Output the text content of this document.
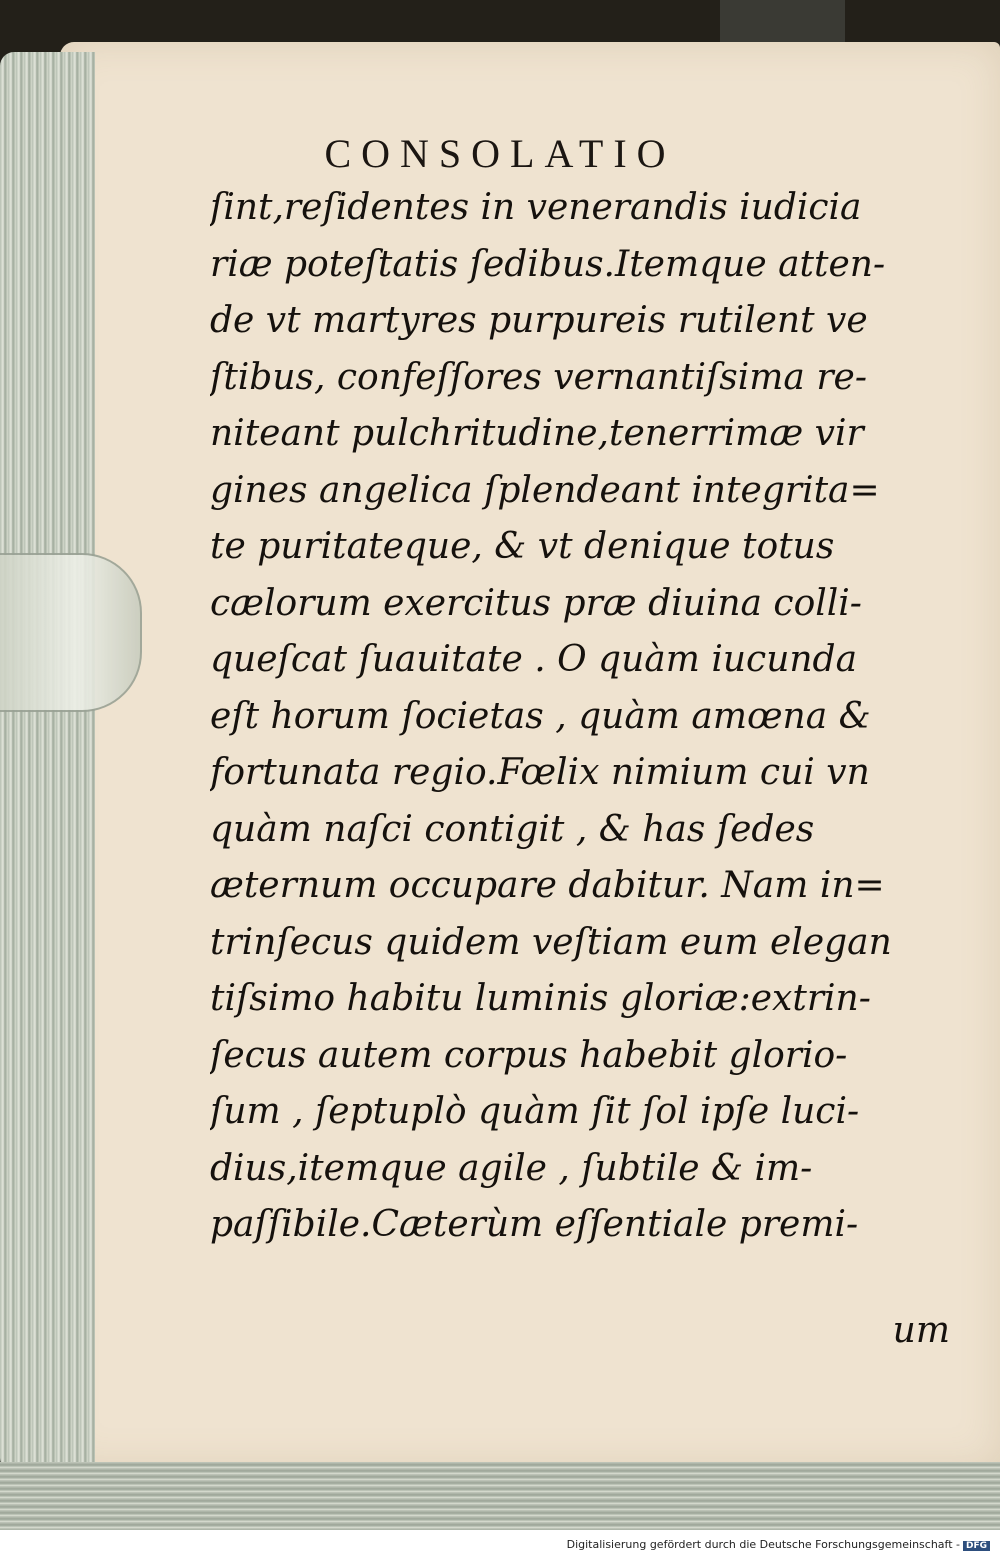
CONSOLATIO
ſint,reſidentes in venerandis iudicia
riæ poteſtatis ſedibus.Itemque atten-
de vt martyres purpureis rutilent ve
ſtibus, confeſſores vernantiſsima re-
niteant pulchritudine,tenerrimæ vir
gines angelica ſplendeant integrita=
te puritateque, & vt denique totus
cælorum exercitus præ diuina colli-
queſcat ſuauitate . O quàm iucunda
eſt horum ſocietas , quàm amœna &
fortunata regio.Fœlix nimium cui vn
quàm naſci contigit , & has ſedes
æternum occupare dabitur. Nam in=
trinſecus quidem veſtiam eum elegan
tiſsimo habitu luminis gloriæ:extrin-
ſecus autem corpus habebit glorio-
ſum , ſeptuplò quàm ſit ſol ipſe luci-
dius,itemque agile , ſubtile & im-
paſſibile.Cæterùm eſſentiale premi-
um
Digitalisierung gefördert durch die Deutsche Forschungsgemeinschaft - DFG
